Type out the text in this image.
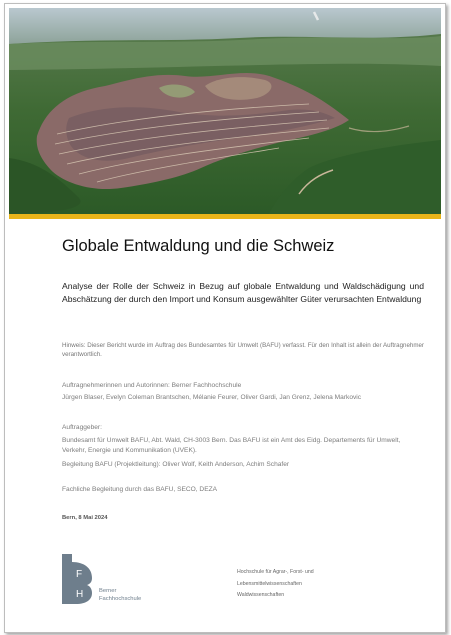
Globale Entwaldung und die Schweiz
Analyse der Rolle der Schweiz in Bezug auf globale Entwaldung und Waldschädigung und Abschätzung der durch den Import und Konsum ausgewählter Güter verursachten Entwaldung
Hinweis: Dieser Bericht wurde im Auftrag des Bundesamtes für Umwelt (BAFU) verfasst. Für den Inhalt ist allein der Auftragnehmer verantwortlich.
Auftragnehmerinnen und Autorinnen: Berner Fachhochschule
Jürgen Blaser, Evelyn Coleman Brantschen, Mélanie Feurer, Oliver Gardi, Jan Grenz, Jelena Markovic
Auftraggeber:
Bundesamt für Umwelt BAFU, Abt. Wald, CH-3003 Bern. Das BAFU ist ein Amt des Eidg. Departements für Umwelt, Verkehr, Energie und Kommunikation (UVEK).
Begleitung BAFU (Projektleitung): Oliver Wolf, Keith Anderson, Achim Schafer
Fachliche Begleitung durch das BAFU, SECO, DEZA
Bern, 8 Mai 2024
F
H	Berner
Fachhochschule
Hochschule für Agrar-, Forst- und
Lebensmittelwissenschaften
Waldwissenschaften
